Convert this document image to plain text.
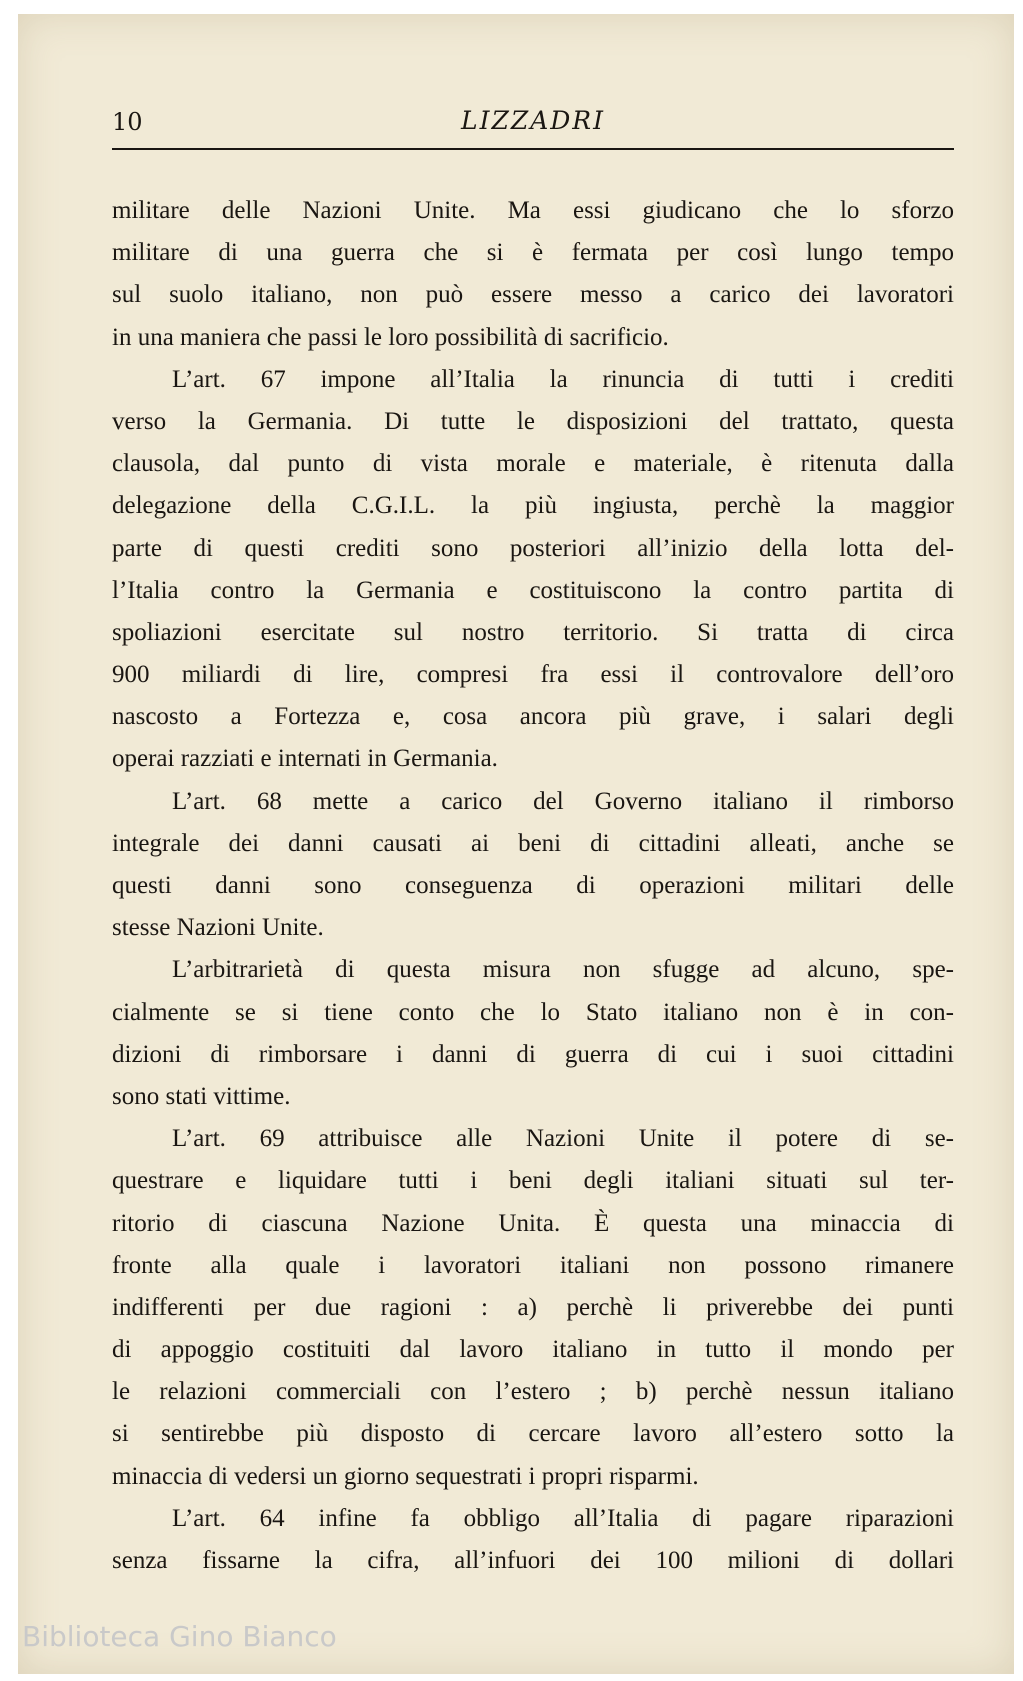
10	LIZZADRI
militare delle Nazioni Unite. Ma essi giudicano che lo sforzo
militare di una guerra che si è fermata per così lungo tempo
sul suolo italiano, non può essere messo a carico dei lavoratori
in una maniera che passi le loro possibilità di sacrificio.
L’art. 67 impone all’Italia la rinuncia di tutti i crediti
verso la Germania. Di tutte le disposizioni del trattato, questa
clausola, dal punto di vista morale e materiale, è ritenuta dalla
delegazione della C.G.I.L. la più ingiusta, perchè la maggior
parte di questi crediti sono posteriori all’inizio della lotta del-
l’Italia contro la Germania e costituiscono la contro partita di
spoliazioni esercitate sul nostro territorio. Si tratta di circa
900 miliardi di lire, compresi fra essi il controvalore dell’oro
nascosto a Fortezza e, cosa ancora più grave, i salari degli
operai razziati e internati in Germania.
L’art. 68 mette a carico del Governo italiano il rimborso
integrale dei danni causati ai beni di cittadini alleati, anche se
questi danni sono conseguenza di operazioni militari delle
stesse Nazioni Unite.
L’arbitrarietà di questa misura non sfugge ad alcuno, spe-
cialmente se si tiene conto che lo Stato italiano non è in con-
dizioni di rimborsare i danni di guerra di cui i suoi cittadini
sono stati vittime.
L’art. 69 attribuisce alle Nazioni Unite il potere di se-
questrare e liquidare tutti i beni degli italiani situati sul ter-
ritorio di ciascuna Nazione Unita. È questa una minaccia di
fronte alla quale i lavoratori italiani non possono rimanere
indifferenti per due ragioni : a) perchè li priverebbe dei punti
di appoggio costituiti dal lavoro italiano in tutto il mondo per
le relazioni commerciali con l’estero ; b) perchè nessun italiano
si sentirebbe più disposto di cercare lavoro all’estero sotto la
minaccia di vedersi un giorno sequestrati i propri risparmi.
L’art. 64 infine fa obbligo all’Italia di pagare riparazioni
senza fissarne la cifra, all’infuori dei 100 milioni di dollari
Biblioteca Gino Bianco
